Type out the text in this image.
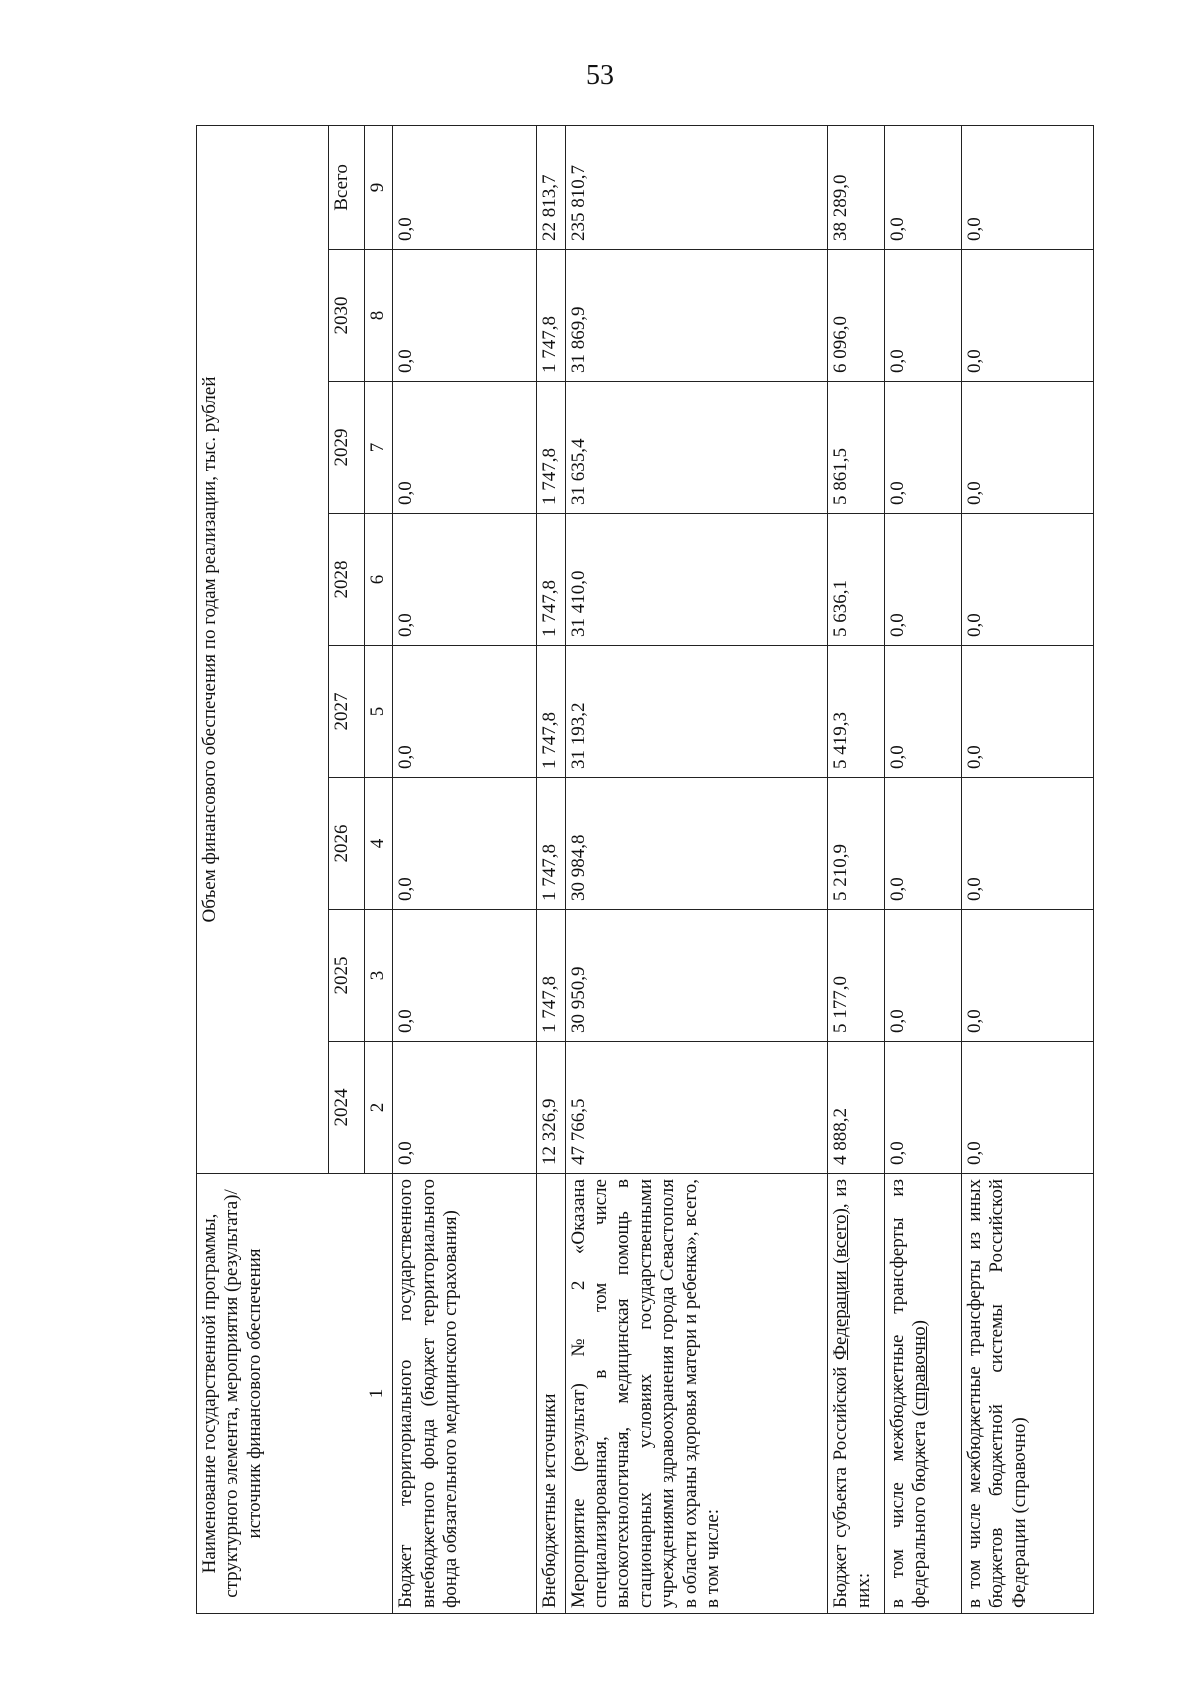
53
Наименование государственной программы, структурного элемента, мероприятия (результата)/источник финансового обеспечения	Объем финансового обеспечения по годам реализации, тыс. рублей							
	2024	2025	2026	2027	2028	2029	2030	Всего
1	2	3	4	5	6	7	8	9
Бюджет территориального государственного внебюджетного фонда (бюджет территориального фонда обязательного медицинского страхования)	0,0	0,0	0,0	0,0	0,0	0,0	0,0	0,0
Внебюджетные источники	12 326,9	1 747,8	1 747,8	1 747,8	1 747,8	1 747,8	1 747,8	22 813,7
Мероприятие (результат) № 2 «Оказана специализированная, в том числе высокотехнологичная, медицинская помощь в стационарных условиях государственными учреждениями здравоохранения города Севастополя в области охраны здоровья матери и ребенка», всего, в том числе:	47 766,5	30 950,9	30 984,8	31 193,2	31 410,0	31 635,4	31 869,9	235 810,7
Бюджет субъекта Российской Федерации (всего), из них:	4 888,2	5 177,0	5 210,9	5 419,3	5 636,1	5 861,5	6 096,0	38 289,0
в том числе межбюджетные трансферты из федерального бюджета (справочно)	0,0	0,0	0,0	0,0	0,0	0,0	0,0	0,0
в том числе межбюджетные трансферты из иных бюджетов бюджетной системы Российской Федерации (справочно)	0,0	0,0	0,0	0,0	0,0	0,0	0,0	0,0
